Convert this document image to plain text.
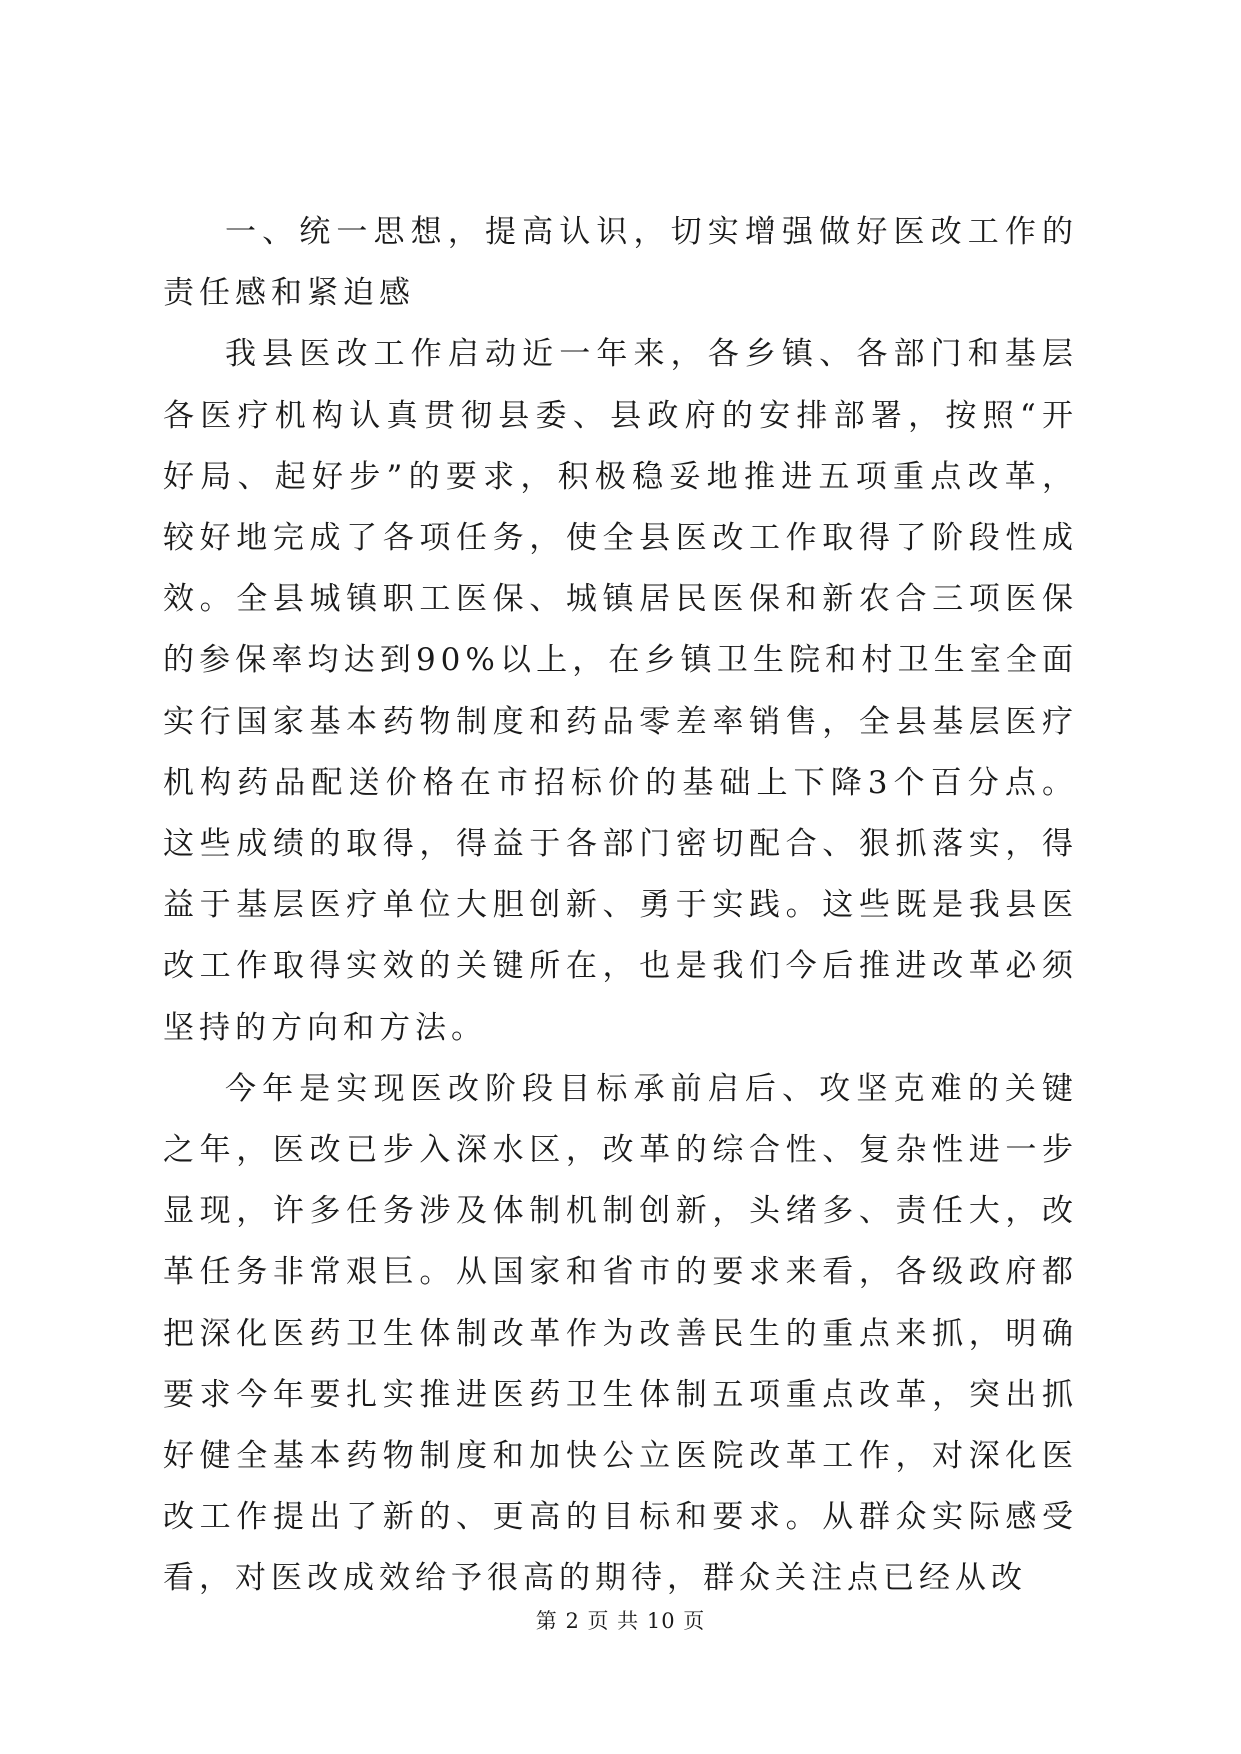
一、统一思想，提高认识，切实增强做好医改工作的责任感和紧迫感

我县医改工作启动近一年来，各乡镇、各部门和基层各医疗机构认真贯彻县委、县政府的安排部署，按照“开好局、起好步”的要求，积极稳妥地推进五项重点改革，较好地完成了各项任务，使全县医改工作取得了阶段性成效。全县城镇职工医保、城镇居民医保和新农合三项医保的参保率均达到90%以上，在乡镇卫生院和村卫生室全面实行国家基本药物制度和药品零差率销售，全县基层医疗机构药品配送价格在市招标价的基础上下降3个百分点。这些成绩的取得，得益于各部门密切配合、狠抓落实，得益于基层医疗单位大胆创新、勇于实践。这些既是我县医改工作取得实效的关键所在，也是我们今后推进改革必须坚持的方向和方法。

今年是实现医改阶段目标承前启后、攻坚克难的关键之年，医改已步入深水区，改革的综合性、复杂性进一步显现，许多任务涉及体制机制创新，头绪多、责任大，改革任务非常艰巨。从国家和省市的要求来看，各级政府都把深化医药卫生体制改革作为改善民生的重点来抓，明确要求今年要扎实推进医药卫生体制五项重点改革，突出抓好健全基本药物制度和加快公立医院改革工作，对深化医改工作提出了新的、更高的目标和要求。从群众实际感受看，对医改成效给予很高的期待，群众关注点已经从改

第 2 页 共 10 页
